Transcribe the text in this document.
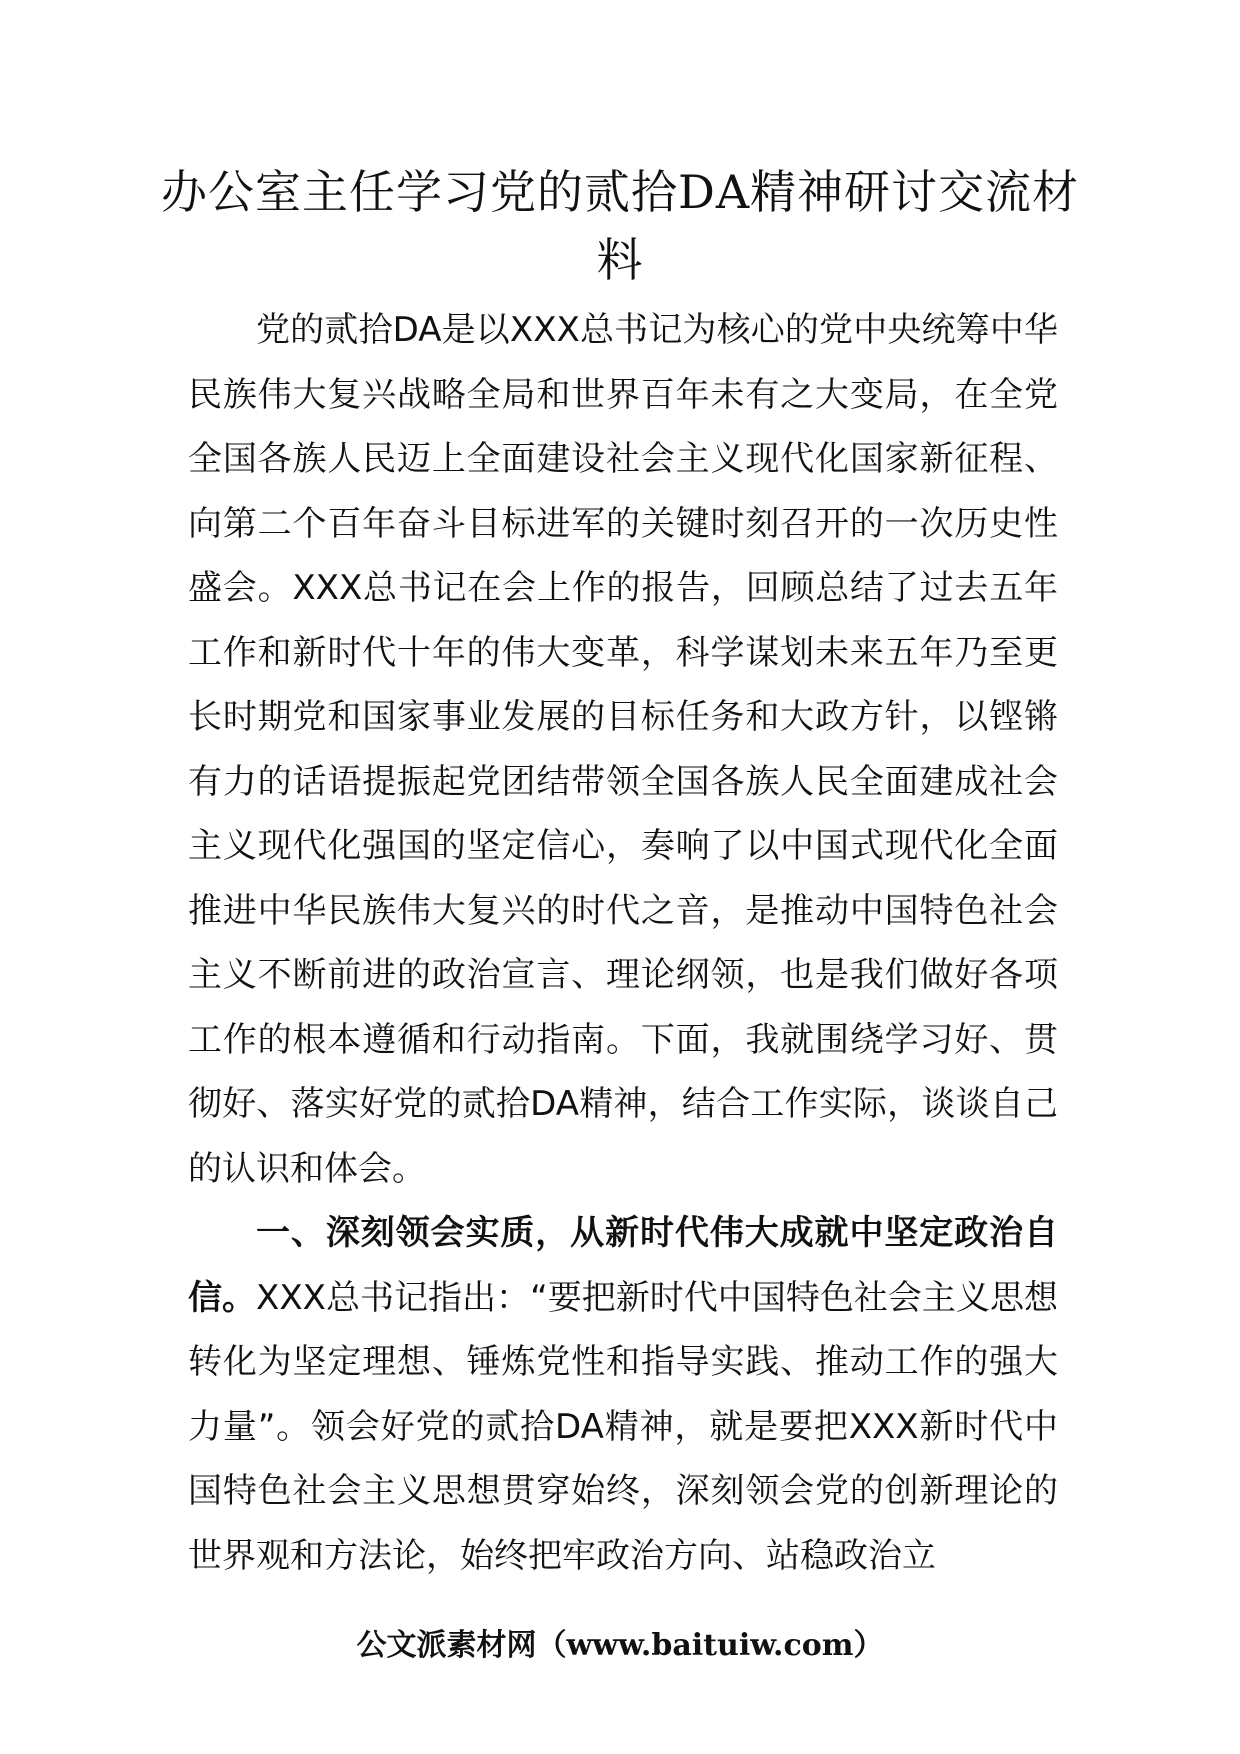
办公室主任学习党的贰拾DA精神研讨交流材料

党的贰拾DA是以XXX总书记为核心的党中央统筹中华民族伟大复兴战略全局和世界百年未有之大变局，在全党全国各族人民迈上全面建设社会主义现代化国家新征程、向第二个百年奋斗目标进军的关键时刻召开的一次历史性盛会。XXX总书记在会上作的报告，回顾总结了过去五年工作和新时代十年的伟大变革，科学谋划未来五年乃至更长时期党和国家事业发展的目标任务和大政方针，以铿锵有力的话语提振起党团结带领全国各族人民全面建成社会主义现代化强国的坚定信心，奏响了以中国式现代化全面推进中华民族伟大复兴的时代之音，是推动中国特色社会主义不断前进的政治宣言、理论纲领，也是我们做好各项工作的根本遵循和行动指南。下面，我就围绕学习好、贯彻好、落实好党的贰拾DA精神，结合工作实际，谈谈自己的认识和体会。

一、深刻领会实质，从新时代伟大成就中坚定政治自信。XXX总书记指出：“要把新时代中国特色社会主义思想转化为坚定理想、锤炼党性和指导实践、推动工作的强大力量”。领会好党的贰拾DA精神，就是要把XXX新时代中国特色社会主义思想贯穿始终，深刻领会党的创新理论的世界观和方法论，始终把牢政治方向、站稳政治立

公文派素材网（www.baituiw.com）
